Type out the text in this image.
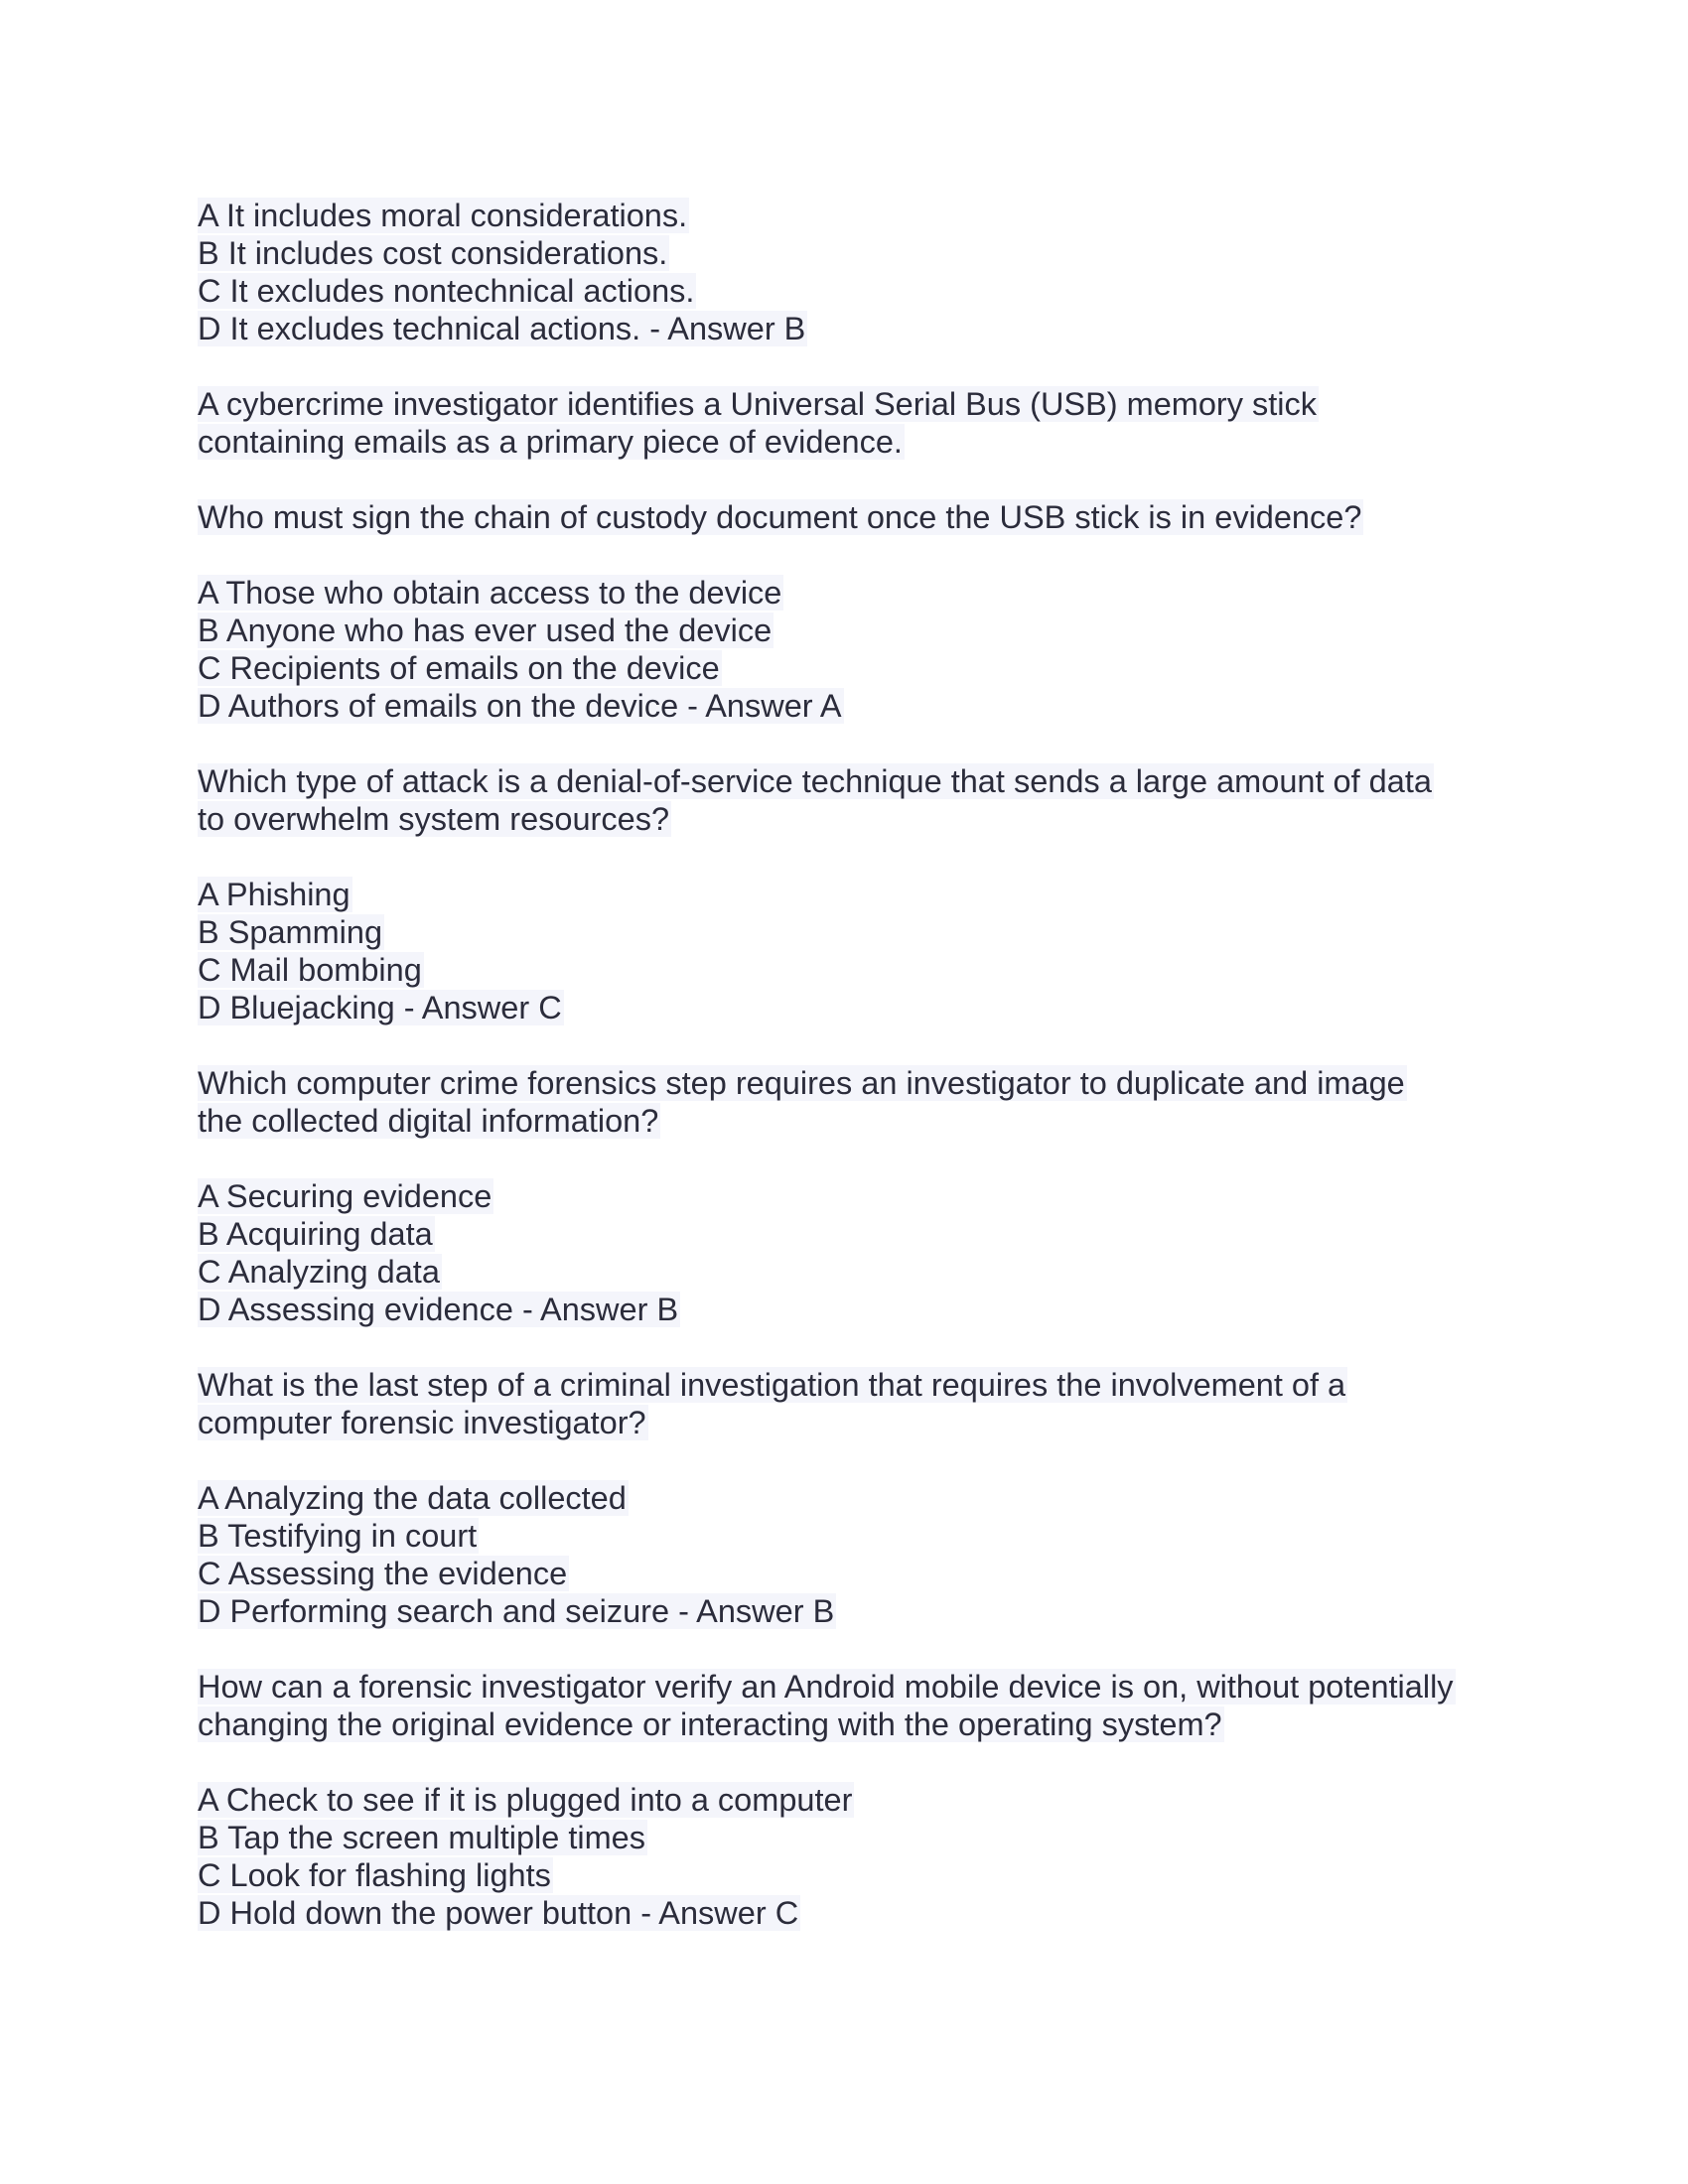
A It includes moral considerations.
B It includes cost considerations.
C It excludes nontechnical actions.
D It excludes technical actions. - Answer B
A cybercrime investigator identifies a Universal Serial Bus (USB) memory stick
containing emails as a primary piece of evidence.
Who must sign the chain of custody document once the USB stick is in evidence?
A Those who obtain access to the device
B Anyone who has ever used the device
C Recipients of emails on the device
D Authors of emails on the device - Answer A
Which type of attack is a denial-of-service technique that sends a large amount of data
to overwhelm system resources?
A Phishing
B Spamming
C Mail bombing
D Bluejacking - Answer C
Which computer crime forensics step requires an investigator to duplicate and image
the collected digital information?
A Securing evidence
B Acquiring data
C Analyzing data
D Assessing evidence - Answer B
What is the last step of a criminal investigation that requires the involvement of a
computer forensic investigator?
A Analyzing the data collected
B Testifying in court
C Assessing the evidence
D Performing search and seizure - Answer B
How can a forensic investigator verify an Android mobile device is on, without potentially
changing the original evidence or interacting with the operating system?
A Check to see if it is plugged into a computer
B Tap the screen multiple times
C Look for flashing lights
D Hold down the power button - Answer C
